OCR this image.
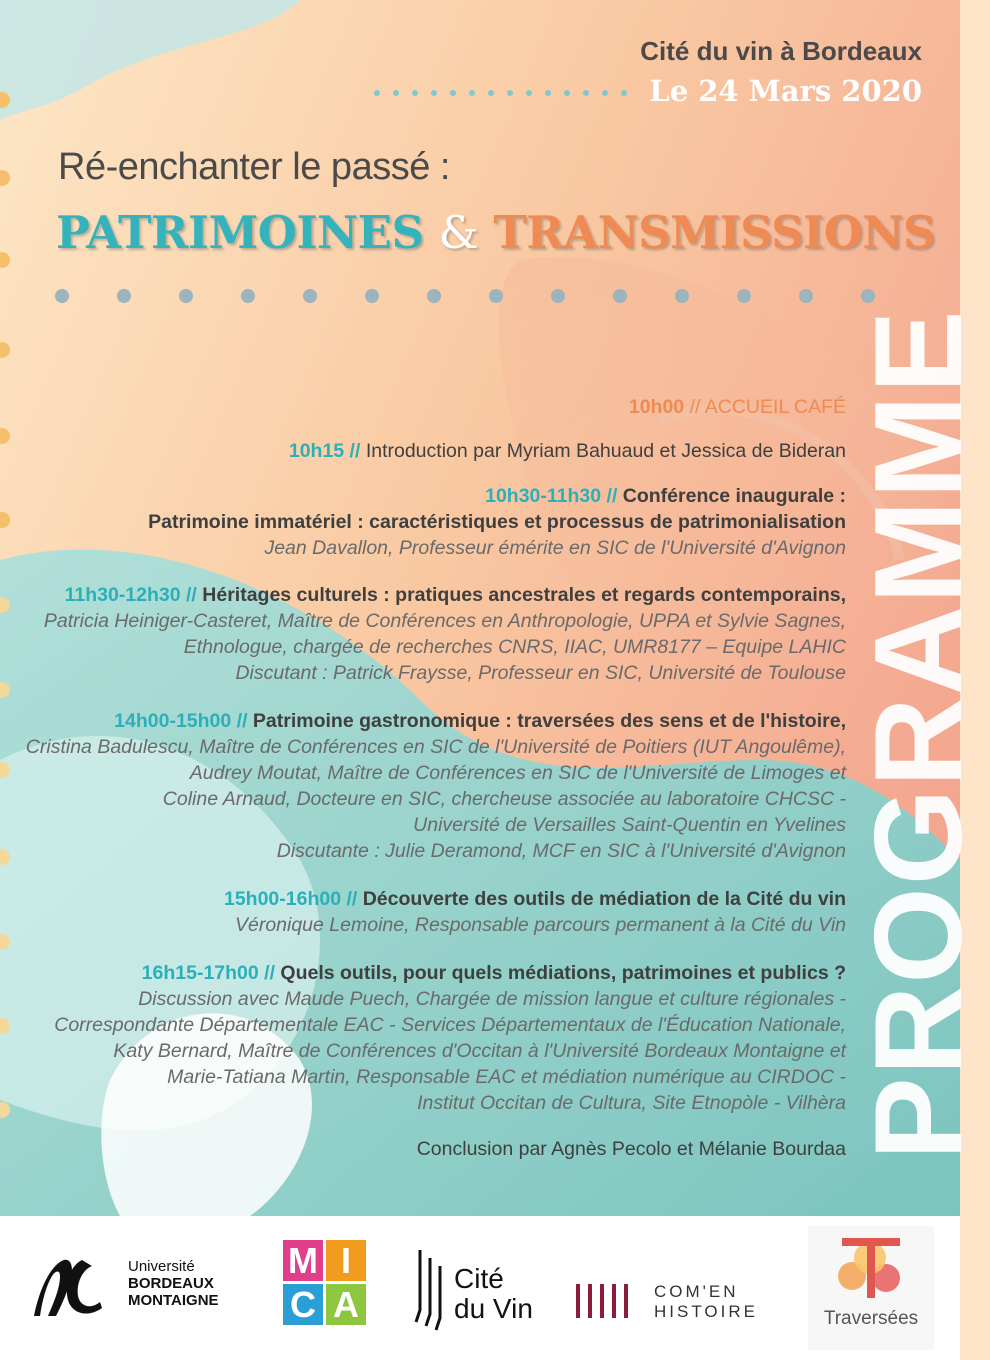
Cité du vin à Bordeaux
Le 24 Mars 2020
Ré-enchanter le passé :
PATRIMOINES & TRANSMISSIONS
PROGRAMME
10h00 // ACCUEIL CAFÉ
10h15 // Introduction par Myriam Bahuaud et Jessica de Bideran
10h30-11h30 // Conférence inaugurale :
Patrimoine immatériel : caractéristiques et processus de patrimonialisation
Jean Davallon, Professeur émérite en SIC de l'Université d'Avignon
11h30-12h30 // Héritages culturels : pratiques ancestrales et regards contemporains,
Patricia Heiniger-Casteret, Maître de Conférences en Anthropologie, UPPA et Sylvie Sagnes,
Ethnologue, chargée de recherches CNRS, IIAC, UMR8177 – Equipe LAHIC
Discutant : Patrick Fraysse, Professeur en SIC, Université de Toulouse
14h00-15h00 // Patrimoine gastronomique : traversées des sens et de l'histoire,
Cristina Badulescu, Maître de Conférences en SIC de l'Université de Poitiers (IUT Angoulême),
Audrey Moutat, Maître de Conférences en SIC de l'Université de Limoges et
Coline Arnaud, Docteure en SIC, chercheuse associée au laboratoire CHCSC -
Université de Versailles Saint-Quentin en Yvelines
Discutante : Julie Deramond, MCF en SIC à l'Université d'Avignon
15h00-16h00 // Découverte des outils de médiation de la Cité du vin
Véronique Lemoine, Responsable parcours permanent à la Cité du Vin
16h15-17h00 // Quels outils, pour quels médiations, patrimoines et publics ?
Discussion avec Maude Puech, Chargée de mission langue et culture régionales -
Correspondante Départementale EAC - Services Départementaux de l'Éducation Nationale,
Katy Bernard, Maître de Conférences d'Occitan à l'Université Bordeaux Montaigne et
Marie-Tatiana Martin, Responsable EAC et médiation numérique au CIRDOC -
Institut Occitan de Cultura, Site Etnopòle - Vilhèra
Conclusion par Agnès Pecolo et Mélanie Bourdaa
Université
BORDEAUX
MONTAIGNE
M I
C A
Cité
du Vin
COM'EN
HISTOIRE	Traversées
